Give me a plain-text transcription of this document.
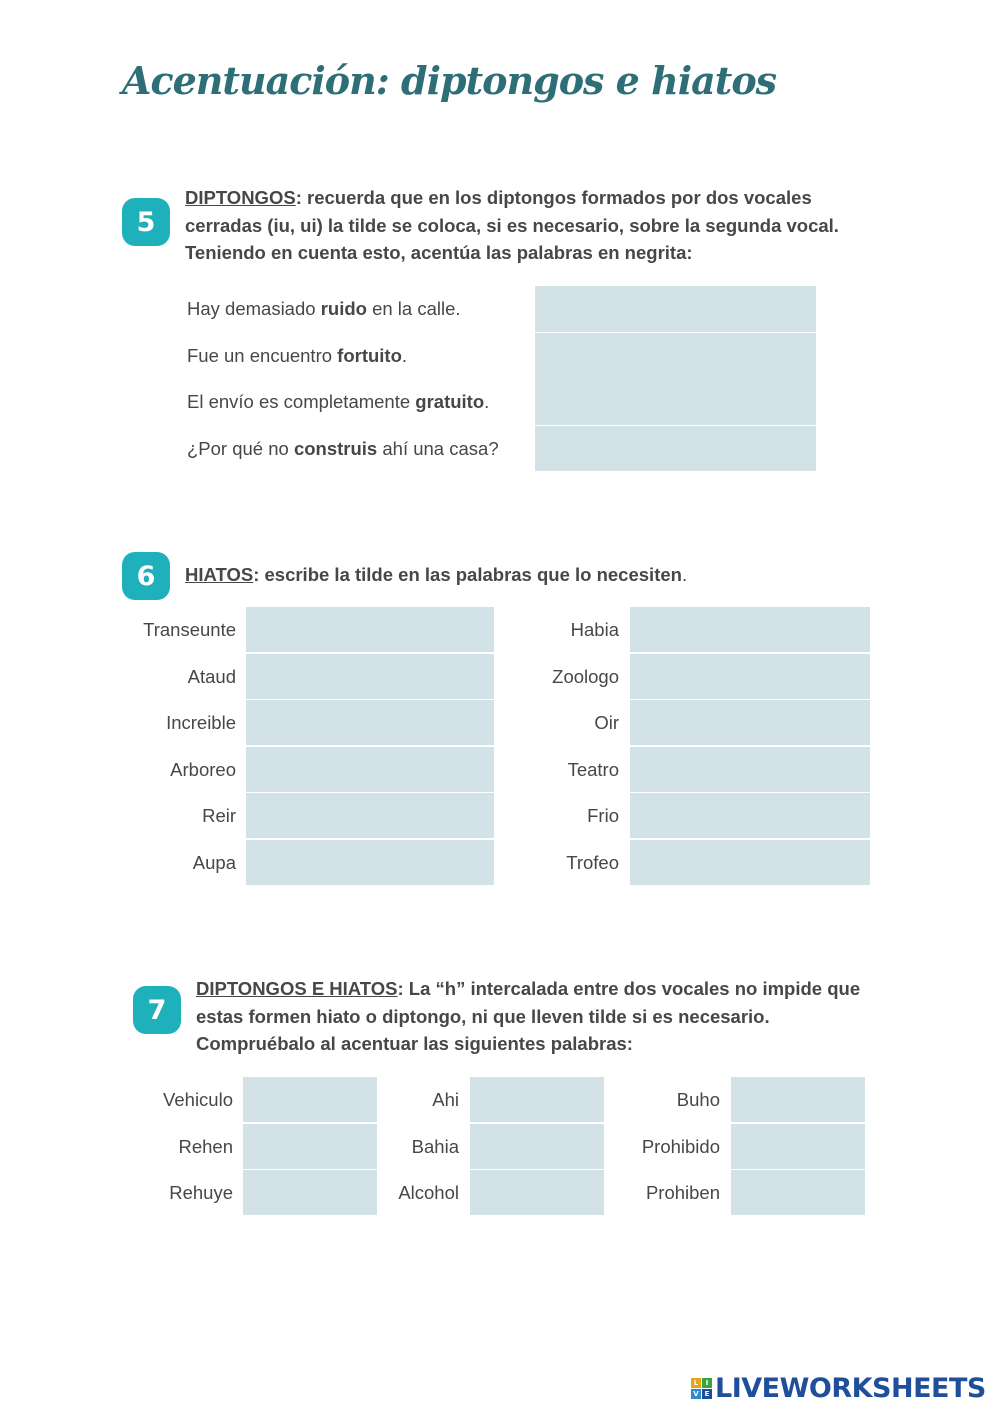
Acentuación: diptongos e hiatos
5
DIPTONGOS: recuerda que en los diptongos formados por dos vocales
cerradas (iu, ui) la tilde se coloca, si es necesario, sobre la segunda vocal.
Teniendo en cuenta esto, acentúa las palabras en negrita:
Hay demasiado ruido en la calle.
Fue un encuentro fortuito.
El envío es completamente gratuito.
¿Por qué no construis ahí una casa?
6	HIATOS: escribe la tilde en las palabras que lo necesiten.
Transeunte
Ataud
Increible
Arboreo
Reir
Aupa
Habia
Zoologo
Oir
Teatro
Frio
Trofeo
7
DIPTONGOS E HIATOS: La “h” intercalada entre dos vocales no impide que
estas formen hiato o diptongo, ni que lleven tilde si es necesario.
Compruébalo al acentuar las siguientes palabras:
Vehiculo
Rehen
Rehuye
Ahi
Bahia
Alcohol
Buho
Prohibido
Prohiben
L	I
V E LIVEWORKSHEETS
